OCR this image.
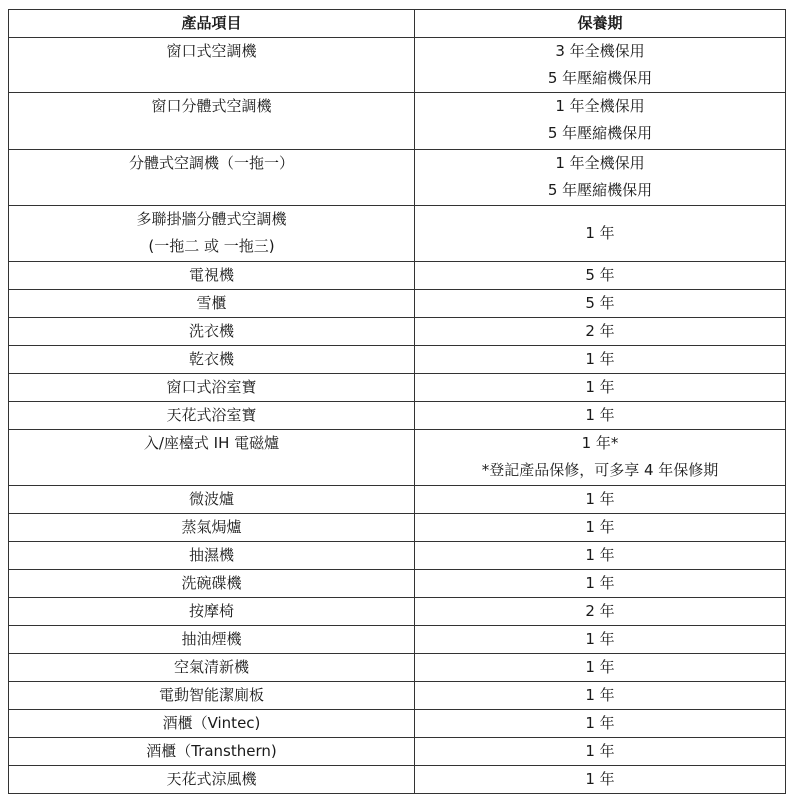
產品項目	保養期

窗口式空調機	3 年全機保用
5 年壓縮機保用

窗口分體式空調機	1 年全機保用
5 年壓縮機保用

分體式空調機（一拖一）	1 年全機保用
5 年壓縮機保用

多聯掛牆分體式空調機
(一拖二 或 一拖三)	1 年

電視機	5 年

雪櫃	5 年

洗衣機	2 年

乾衣機	1 年

窗口式浴室寶	1 年

天花式浴室寶	1 年

入/座檯式 IH 電磁爐	1 年*
*登記產品保修，可多享 4 年保修期

微波爐	1 年

蒸氣焗爐	1 年

抽濕機	1 年

洗碗碟機	1 年

按摩椅	2 年

抽油煙機	1 年

空氣清新機	1 年

電動智能潔廁板	1 年

酒櫃（Vintec)	1 年

酒櫃（Transthern)	1 年

天花式涼風機	1 年
